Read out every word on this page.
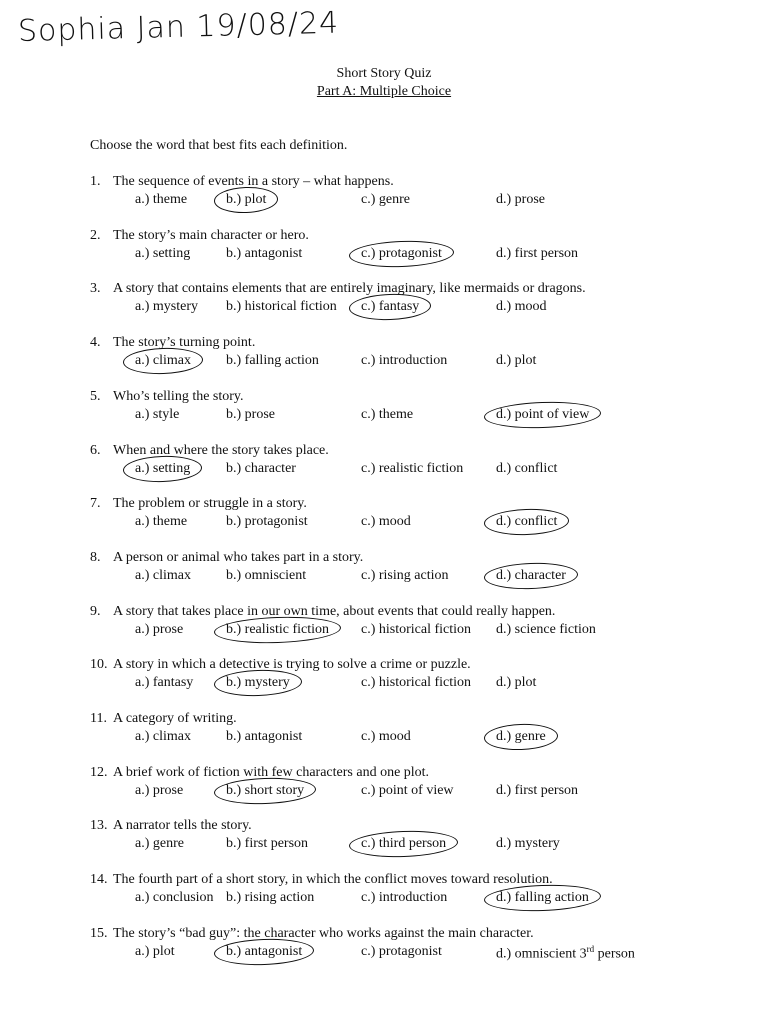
Sophia Jan 19/08/24
Short Story Quiz
Part A: Multiple Choice
Choose the word that best fits each definition.
1. The sequence of events in a story – what happens.
a.) theme	b.) plot	c.) genre	d.) prose
2. The story’s main character or hero.
a.) setting	b.) antagonist	c.) protagonist	d.) first person
3. A story that contains elements that are entirely imaginary, like mermaids or dragons.
a.) mystery b.) historical fiction c.) fantasy	d.) mood
4. The story’s turning point.
a.) climax	b.) falling action	c.) introduction	d.) plot
5. Who’s telling the story.
a.) style	b.) prose	c.) theme	d.) point of view
6. When and where the story takes place.
a.) setting	b.) character	c.) realistic fiction d.) conflict
7. The problem or struggle in a story.
a.) theme	b.) protagonist	c.) mood	d.) conflict
8. A person or animal who takes part in a story.
a.) climax	b.) omniscient	c.) rising action	d.) character
9. A story that takes place in our own time, about events that could really happen.
a.) prose	b.) realistic fiction c.) historical fiction d.) science fiction
10. A story in which a detective is trying to solve a crime or puzzle.
a.) fantasy b.) mystery	c.) historical fiction d.) plot
11. A category of writing.
a.) climax	b.) antagonist	c.) mood	d.) genre
12. A brief work of fiction with few characters and one plot.
a.) prose	b.) short story	c.) point of view	d.) first person
13. A narrator tells the story.
a.) genre	b.) first person	c.) third person	d.) mystery
14. The fourth part of a short story, in which the conflict moves toward resolution.
a.) conclusion b.) rising action	c.) introduction	d.) falling action
15. The story’s “bad guy”: the character who works against the main character.
a.) plot	b.) antagonist	c.) protagonist	d.) omniscient 3rd person
